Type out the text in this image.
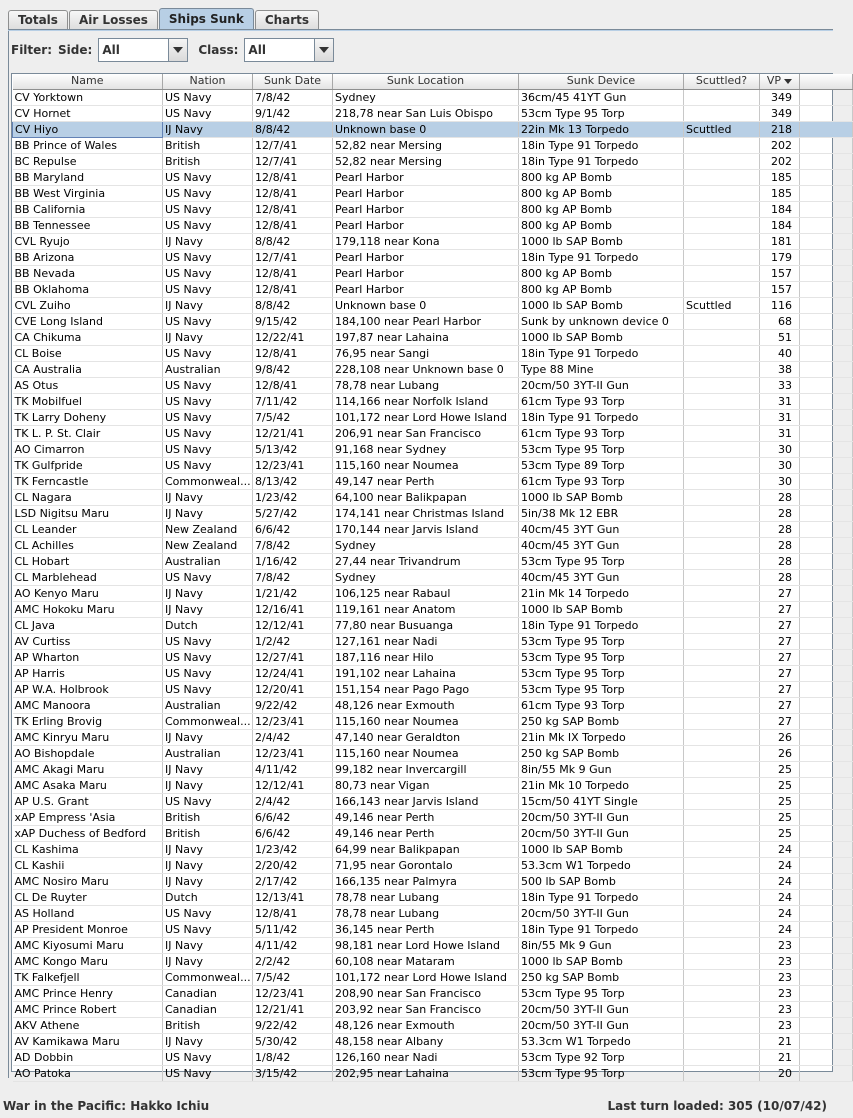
Totals	Air Losses	Ships Sunk	Charts
Filter: Side: All	Class: All
Name	Nation	Sunk Date	Sunk Location	Sunk Device	Scuttled?	VP	
CV Yorktown	US Navy	7/8/42	Sydney	36cm/45 41YT Gun		349	
CV Hornet	US Navy	9/1/42	218,78 near San Luis Obispo	53cm Type 95 Torp		349	
CV Hiyo	IJ Navy	8/8/42	Unknown base 0	22in Mk 13 Torpedo	Scuttled	218	
BB Prince of Wales	British	12/7/41	52,82 near Mersing	18in Type 91 Torpedo		202	
BC Repulse	British	12/7/41	52,82 near Mersing	18in Type 91 Torpedo		202	
BB Maryland	US Navy	12/8/41	Pearl Harbor	800 kg AP Bomb		185	
BB West Virginia	US Navy	12/8/41	Pearl Harbor	800 kg AP Bomb		185	
BB California	US Navy	12/8/41	Pearl Harbor	800 kg AP Bomb		184	
BB Tennessee	US Navy	12/8/41	Pearl Harbor	800 kg AP Bomb		184	
CVL Ryujo	IJ Navy	8/8/42	179,118 near Kona	1000 lb SAP Bomb		181	
BB Arizona	US Navy	12/7/41	Pearl Harbor	18in Type 91 Torpedo		179	
BB Nevada	US Navy	12/8/41	Pearl Harbor	800 kg AP Bomb		157	
BB Oklahoma	US Navy	12/8/41	Pearl Harbor	800 kg AP Bomb		157	
CVL Zuiho	IJ Navy	8/8/42	Unknown base 0	1000 lb SAP Bomb	Scuttled	116	
CVE Long Island	US Navy	9/15/42	184,100 near Pearl Harbor	Sunk by unknown device 0		68	
CA Chikuma	IJ Navy	12/22/41	197,87 near Lahaina	1000 lb SAP Bomb		51	
CL Boise	US Navy	12/8/41	76,95 near Sangi	18in Type 91 Torpedo		40	
CA Australia	Australian	9/8/42	228,108 near Unknown base 0	Type 88 Mine		38	
AS Otus	US Navy	12/8/41	78,78 near Lubang	20cm/50 3YT-II Gun		33	
TK Mobilfuel	US Navy	7/11/42	114,166 near Norfolk Island	61cm Type 93 Torp		31	
TK Larry Doheny	US Navy	7/5/42	101,172 near Lord Howe Island	18in Type 91 Torpedo		31	
TK L. P. St. Clair	US Navy	12/21/41	206,91 near San Francisco	61cm Type 93 Torp		31	
AO Cimarron	US Navy	5/13/42	91,168 near Sydney	53cm Type 95 Torp		30	
TK Gulfpride	US Navy	12/23/41	115,160 near Noumea	53cm Type 89 Torp		30	
TK Ferncastle	Commonweal...	8/13/42	49,147 near Perth	61cm Type 93 Torp		30	
CL Nagara	IJ Navy	1/23/42	64,100 near Balikpapan	1000 lb SAP Bomb		28	
LSD Nigitsu Maru	IJ Navy	5/27/42	174,141 near Christmas Island	5in/38 Mk 12 EBR		28	
CL Leander	New Zealand	6/6/42	170,144 near Jarvis Island	40cm/45 3YT Gun		28	
CL Achilles	New Zealand	7/8/42	Sydney	40cm/45 3YT Gun		28	
CL Hobart	Australian	1/16/42	27,44 near Trivandrum	53cm Type 95 Torp		28	
CL Marblehead	US Navy	7/8/42	Sydney	40cm/45 3YT Gun		28	
AO Kenyo Maru	IJ Navy	1/21/42	106,125 near Rabaul	21in Mk 14 Torpedo		27	
AMC Hokoku Maru	IJ Navy	12/16/41	119,161 near Anatom	1000 lb SAP Bomb		27	
CL Java	Dutch	12/12/41	77,80 near Busuanga	18in Type 91 Torpedo		27	
AV Curtiss	US Navy	1/2/42	127,161 near Nadi	53cm Type 95 Torp		27	
AP Wharton	US Navy	12/27/41	187,116 near Hilo	53cm Type 95 Torp		27	
AP Harris	US Navy	12/24/41	191,102 near Lahaina	53cm Type 95 Torp		27	
AP W.A. Holbrook	US Navy	12/20/41	151,154 near Pago Pago	53cm Type 95 Torp		27	
AMC Manoora	Australian	9/22/42	48,126 near Exmouth	61cm Type 93 Torp		27	
TK Erling Brovig	Commonweal...	12/23/41	115,160 near Noumea	250 kg SAP Bomb		27	
AMC Kinryu Maru	IJ Navy	2/4/42	47,140 near Geraldton	21in Mk IX Torpedo		26	
AO Bishopdale	Australian	12/23/41	115,160 near Noumea	250 kg SAP Bomb		26	
AMC Akagi Maru	IJ Navy	4/11/42	99,182 near Invercargill	8in/55 Mk 9 Gun		25	
AMC Asaka Maru	IJ Navy	12/12/41	80,73 near Vigan	21in Mk 10 Torpedo		25	
AP U.S. Grant	US Navy	2/4/42	166,143 near Jarvis Island	15cm/50 41YT Single		25	
xAP Empress 'Asia	British	6/6/42	49,146 near Perth	20cm/50 3YT-II Gun		25	
xAP Duchess of Bedford	British	6/6/42	49,146 near Perth	20cm/50 3YT-II Gun		25	
CL Kashima	IJ Navy	1/23/42	64,99 near Balikpapan	1000 lb SAP Bomb		24	
CL Kashii	IJ Navy	2/20/42	71,95 near Gorontalo	53.3cm W1 Torpedo		24	
AMC Nosiro Maru	IJ Navy	2/17/42	166,135 near Palmyra	500 lb SAP Bomb		24	
CL De Ruyter	Dutch	12/13/41	78,78 near Lubang	18in Type 91 Torpedo		24	
AS Holland	US Navy	12/8/41	78,78 near Lubang	20cm/50 3YT-II Gun		24	
AP President Monroe	US Navy	5/11/42	36,145 near Perth	18in Type 91 Torpedo		24	
AMC Kiyosumi Maru	IJ Navy	4/11/42	98,181 near Lord Howe Island	8in/55 Mk 9 Gun		23	
AMC Kongo Maru	IJ Navy	2/2/42	60,108 near Mataram	1000 lb SAP Bomb		23	
TK Falkefjell	Commonweal...	7/5/42	101,172 near Lord Howe Island	250 kg SAP Bomb		23	
AMC Prince Henry	Canadian	12/23/41	208,90 near San Francisco	53cm Type 95 Torp		23	
AMC Prince Robert	Canadian	12/21/41	203,92 near San Francisco	20cm/50 3YT-II Gun		23	
AKV Athene	British	9/22/42	48,126 near Exmouth	20cm/50 3YT-II Gun		23	
AV Kamikawa Maru	IJ Navy	5/30/42	48,158 near Albany	53.3cm W1 Torpedo		21	
AD Dobbin	US Navy	1/8/42	126,160 near Nadi	53cm Type 92 Torp		21	
AO Patoka	US Navy	3/15/42	202,95 near Lahaina	53cm Type 95 Torp		20	
War in the Pacific: Hakko Ichiu	Last turn loaded: 305 (10/07/42)
